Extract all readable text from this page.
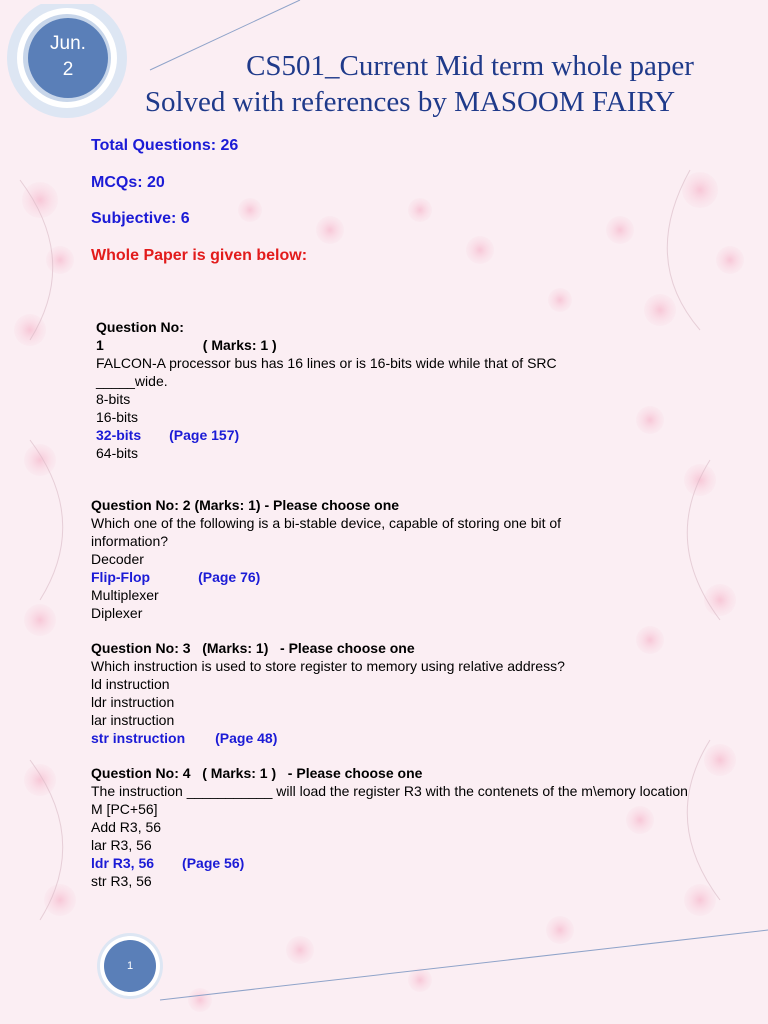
Jun.
2	CS501_Current Mid term whole paper
Solved with references by MASOOM FAIRY
Total Questions: 26
MCQs: 20
Subjective: 6
Whole Paper is given below:
Question No:
1	( Marks: 1 )
FALCON-A processor bus has 16 lines or is 16-bits wide while that of SRC _____wide.
8-bits
16-bits
32-bits (Page 157)
64-bits
Question No: 2 (Marks: 1) - Please choose one
Which one of the following is a bi-stable device, capable of storing one bit of information?
Decoder
Flip-Flop	(Page 76)
Multiplexer
Diplexer
Question No: 3   (Marks: 1)   - Please choose one
Which instruction is used to store register to memory using relative address?
ld instruction
ldr instruction
lar instruction
str instruction (Page 48)
Question No: 4   ( Marks: 1 )   - Please choose one
The instruction ___________ will load the register R3 with the contenets of the m\emory location M [PC+56]
Add R3, 56
lar R3, 56
ldr R3, 56 (Page 56)
str R3, 56
1
